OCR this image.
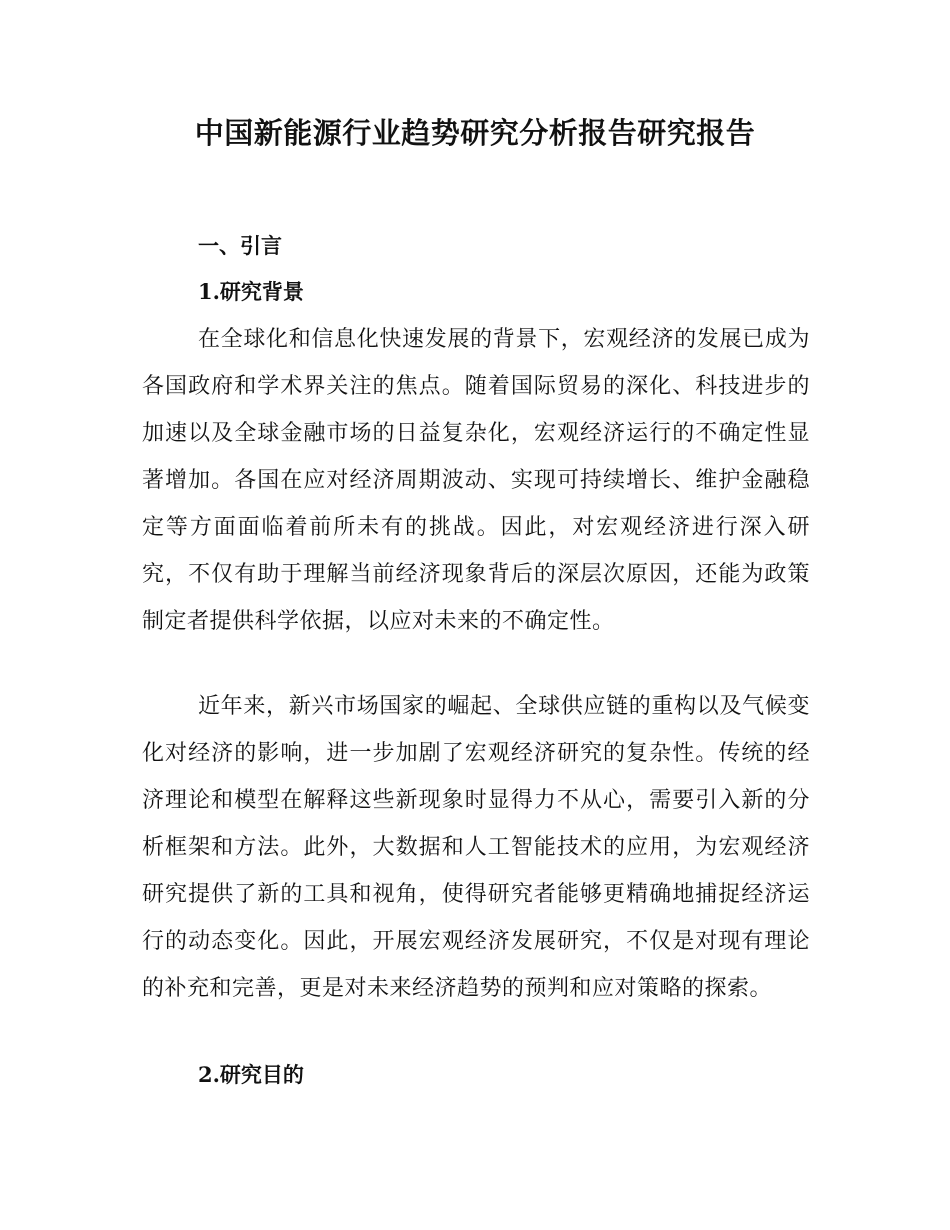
中国新能源行业趋势研究分析报告研究报告
一、引言
1.研究背景

在全球化和信息化快速发展的背景下，宏观经济的发展已成为各国政府和学术界关注的焦点。随着国际贸易的深化、科技进步的加速以及全球金融市场的日益复杂化，宏观经济运行的不确定性显著增加。各国在应对经济周期波动、实现可持续增长、维护金融稳定等方面面临着前所未有的挑战。因此，对宏观经济进行深入研究，不仅有助于理解当前经济现象背后的深层次原因，还能为政策制定者提供科学依据，以应对未来的不确定性。

近年来，新兴市场国家的崛起、全球供应链的重构以及气候变化对经济的影响，进一步加剧了宏观经济研究的复杂性。传统的经济理论和模型在解释这些新现象时显得力不从心，需要引入新的分析框架和方法。此外，大数据和人工智能技术的应用，为宏观经济研究提供了新的工具和视角，使得研究者能够更精确地捕捉经济运行的动态变化。因此，开展宏观经济发展研究，不仅是对现有理论的补充和完善，更是对未来经济趋势的预判和应对策略的探索。

2.研究目的
